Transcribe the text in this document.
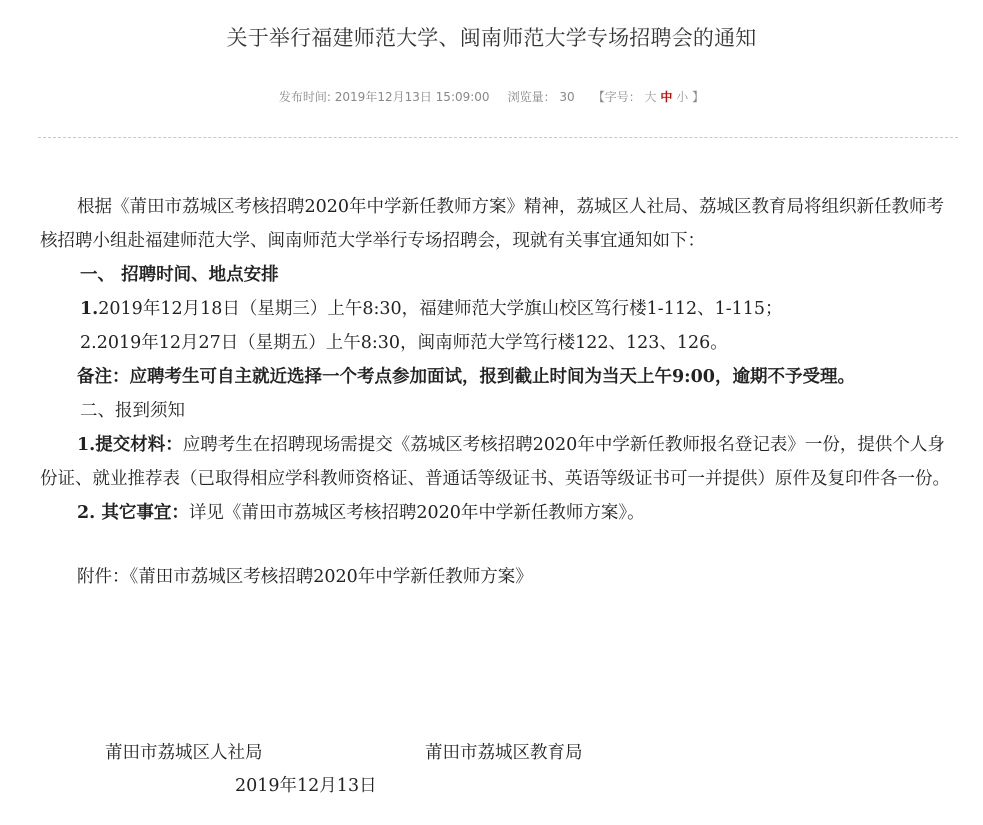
关于举行福建师范大学、闽南师范大学专场招聘会的通知
发布时间: 2019年12月13日 15:09:00 浏览量： 30 【字号： 大 中 小 】

根据《莆田市荔城区考核招聘2020年中学新任教师方案》精神，荔城区人社局、荔城区教育局将组织新任教师考核招聘小组赴福建师范大学、闽南师范大学举行专场招聘会，现就有关事宜通知如下：

一、 招聘时间、地点安排

1.2019年12月18日（星期三）上午8:30，福建师范大学旗山校区笃行楼1-112、1-115；

2.2019年12月27日（星期五）上午8:30，闽南师范大学笃行楼122、123、126。

备注：应聘考生可自主就近选择一个考点参加面试，报到截止时间为当天上午9:00，逾期不予受理。

二、报到须知

1.提交材料：应聘考生在招聘现场需提交《荔城区考核招聘2020年中学新任教师报名登记表》一份，提供个人身份证、就业推荐表（已取得相应学科教师资格证、普通话等级证书、英语等级证书可一并提供）原件及复印件各一份。

2. 其它事宜：详见《莆田市荔城区考核招聘2020年中学新任教师方案》。

附件：《莆田市荔城区考核招聘2020年中学新任教师方案》

莆田市荔城区人社局	莆田市荔城区教育局
2019年12月13日
